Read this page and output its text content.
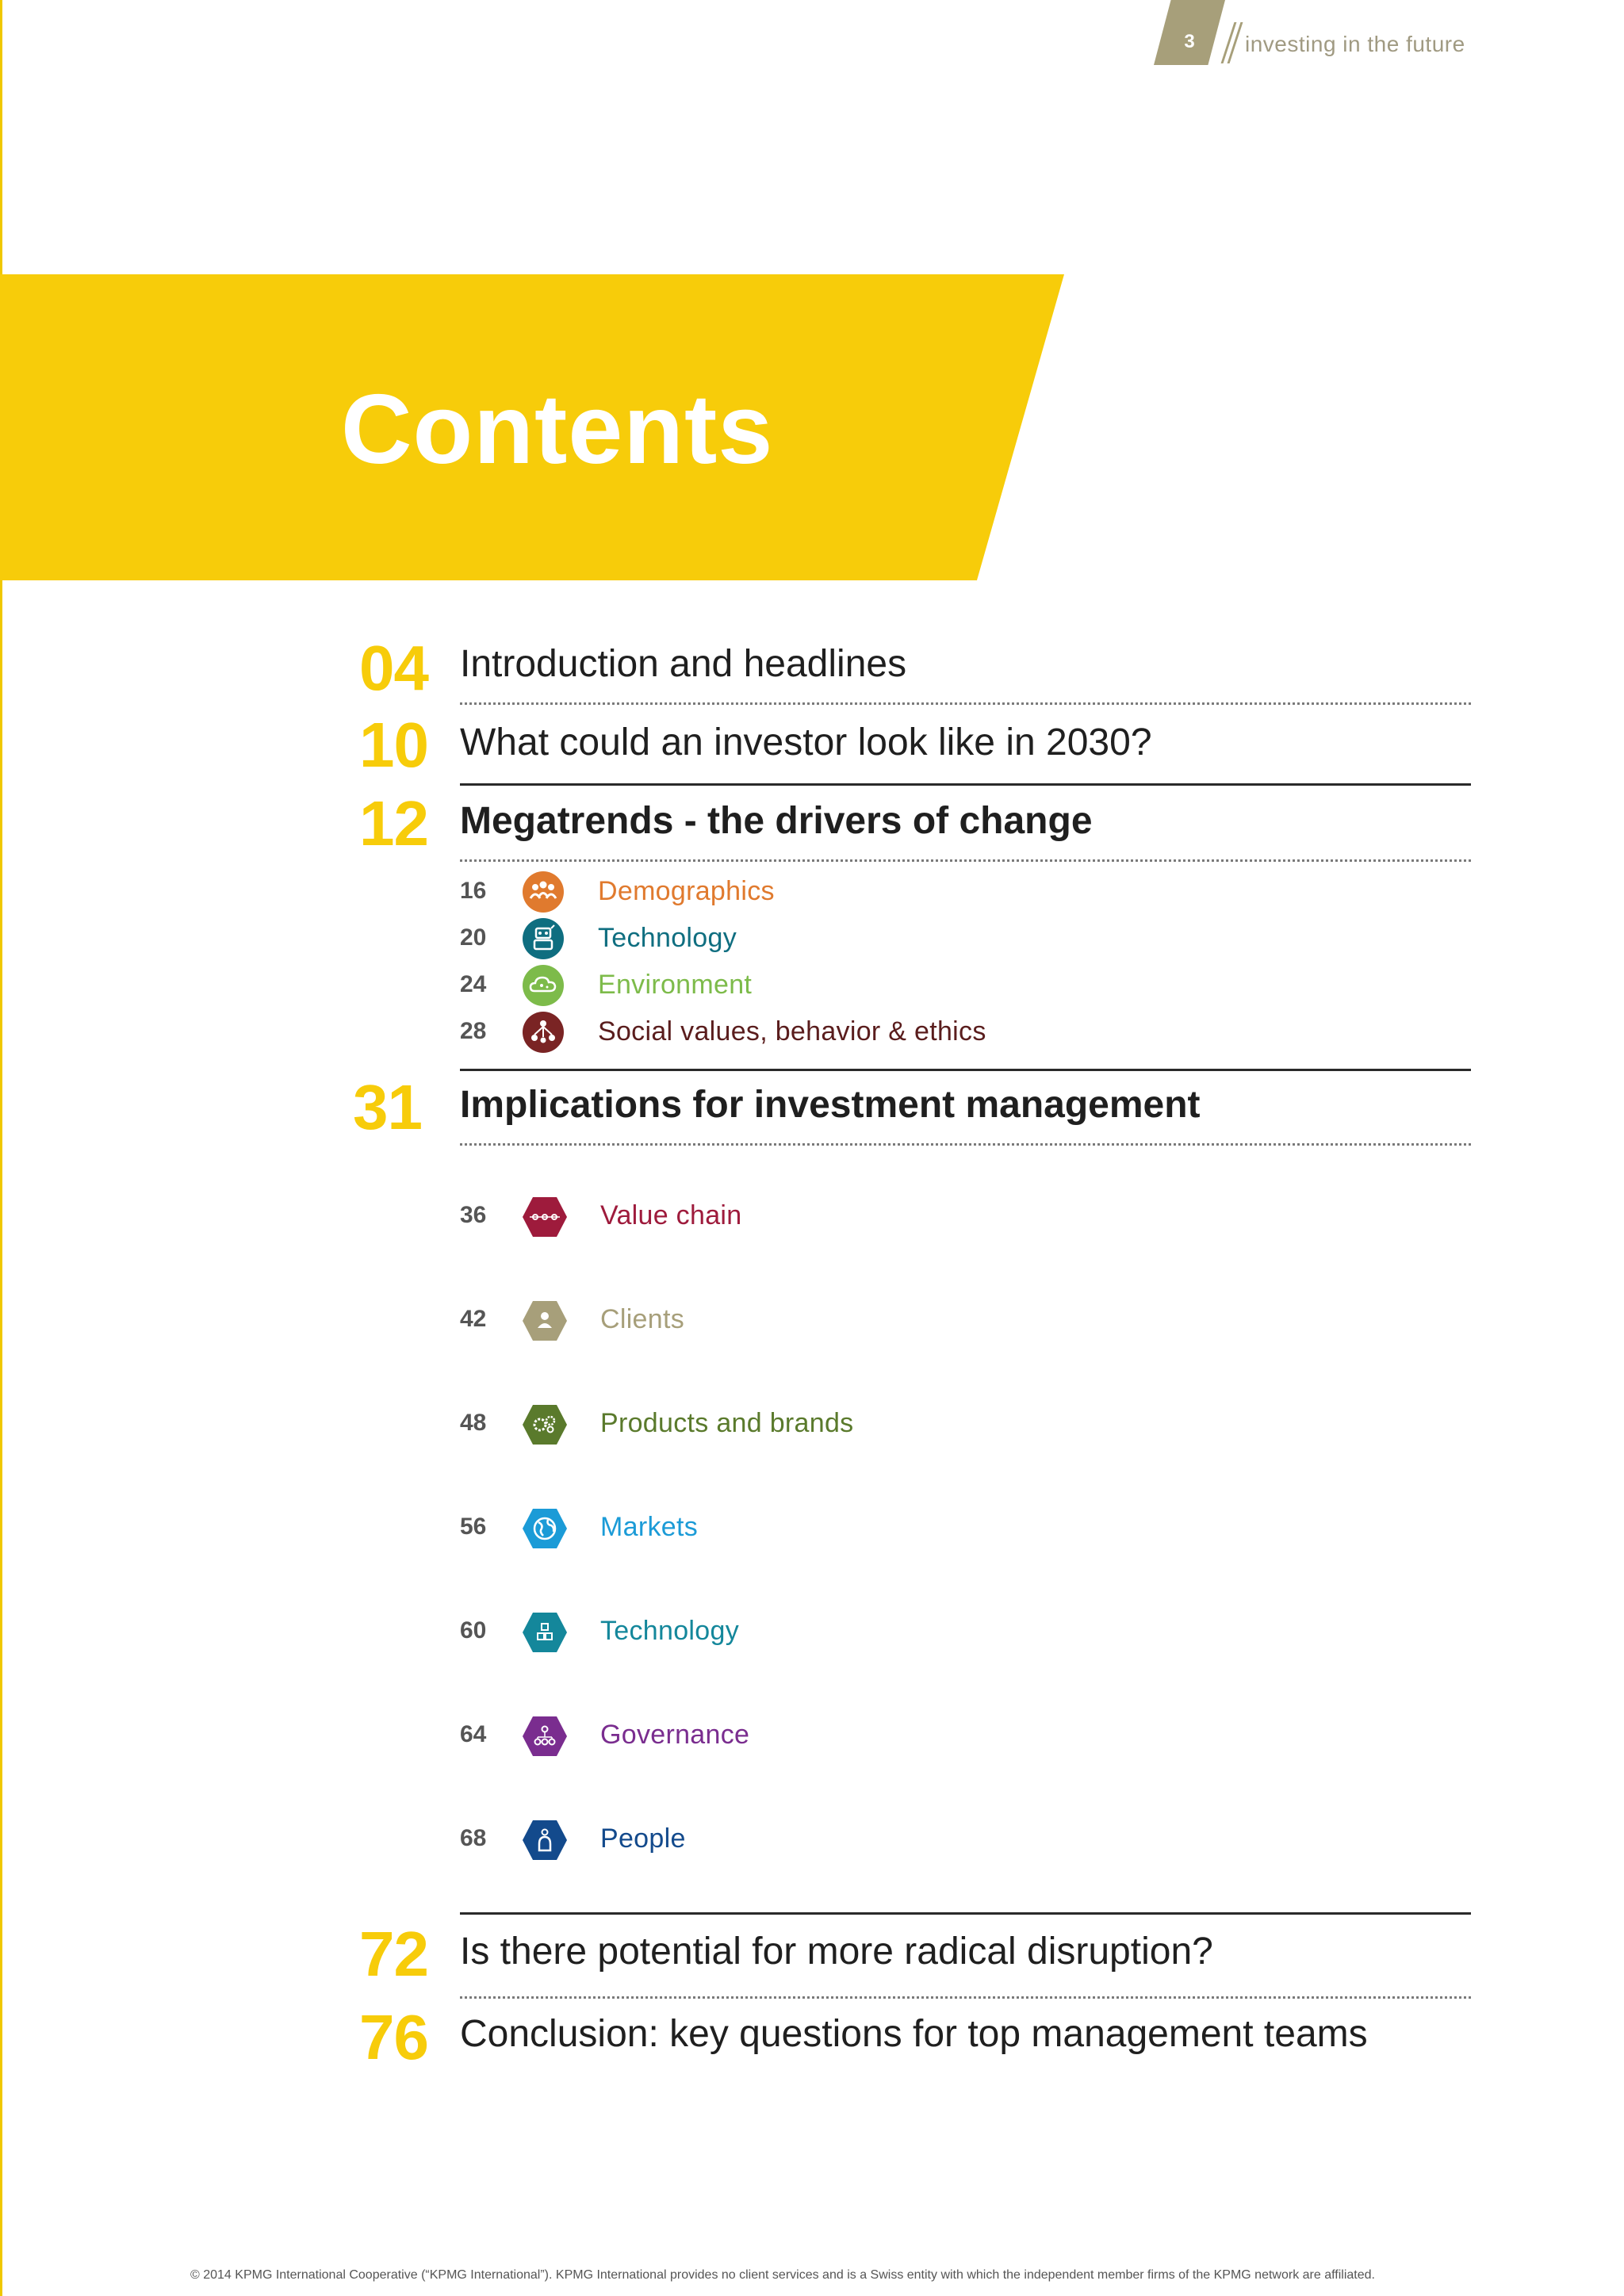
3	investing in the future
Contents
04 Introduction and headlines
10 What could an investor look like in 2030?
12 Megatrends - the drivers of change
16	Demographics
20	Technology
24	Environment
28	Social values, behavior & ethics
31 Implications for investment management
36	Value chain
42	Clients
48	Products and brands
56	Markets
60	Technology
64	Governance
68	People
72 Is there potential for more radical disruption?
76 Conclusion: key questions for top management teams
© 2014 KPMG International Cooperative (“KPMG International”). KPMG International provides no client services and is a Swiss entity with which the independent member firms of the KPMG network are affiliated.
